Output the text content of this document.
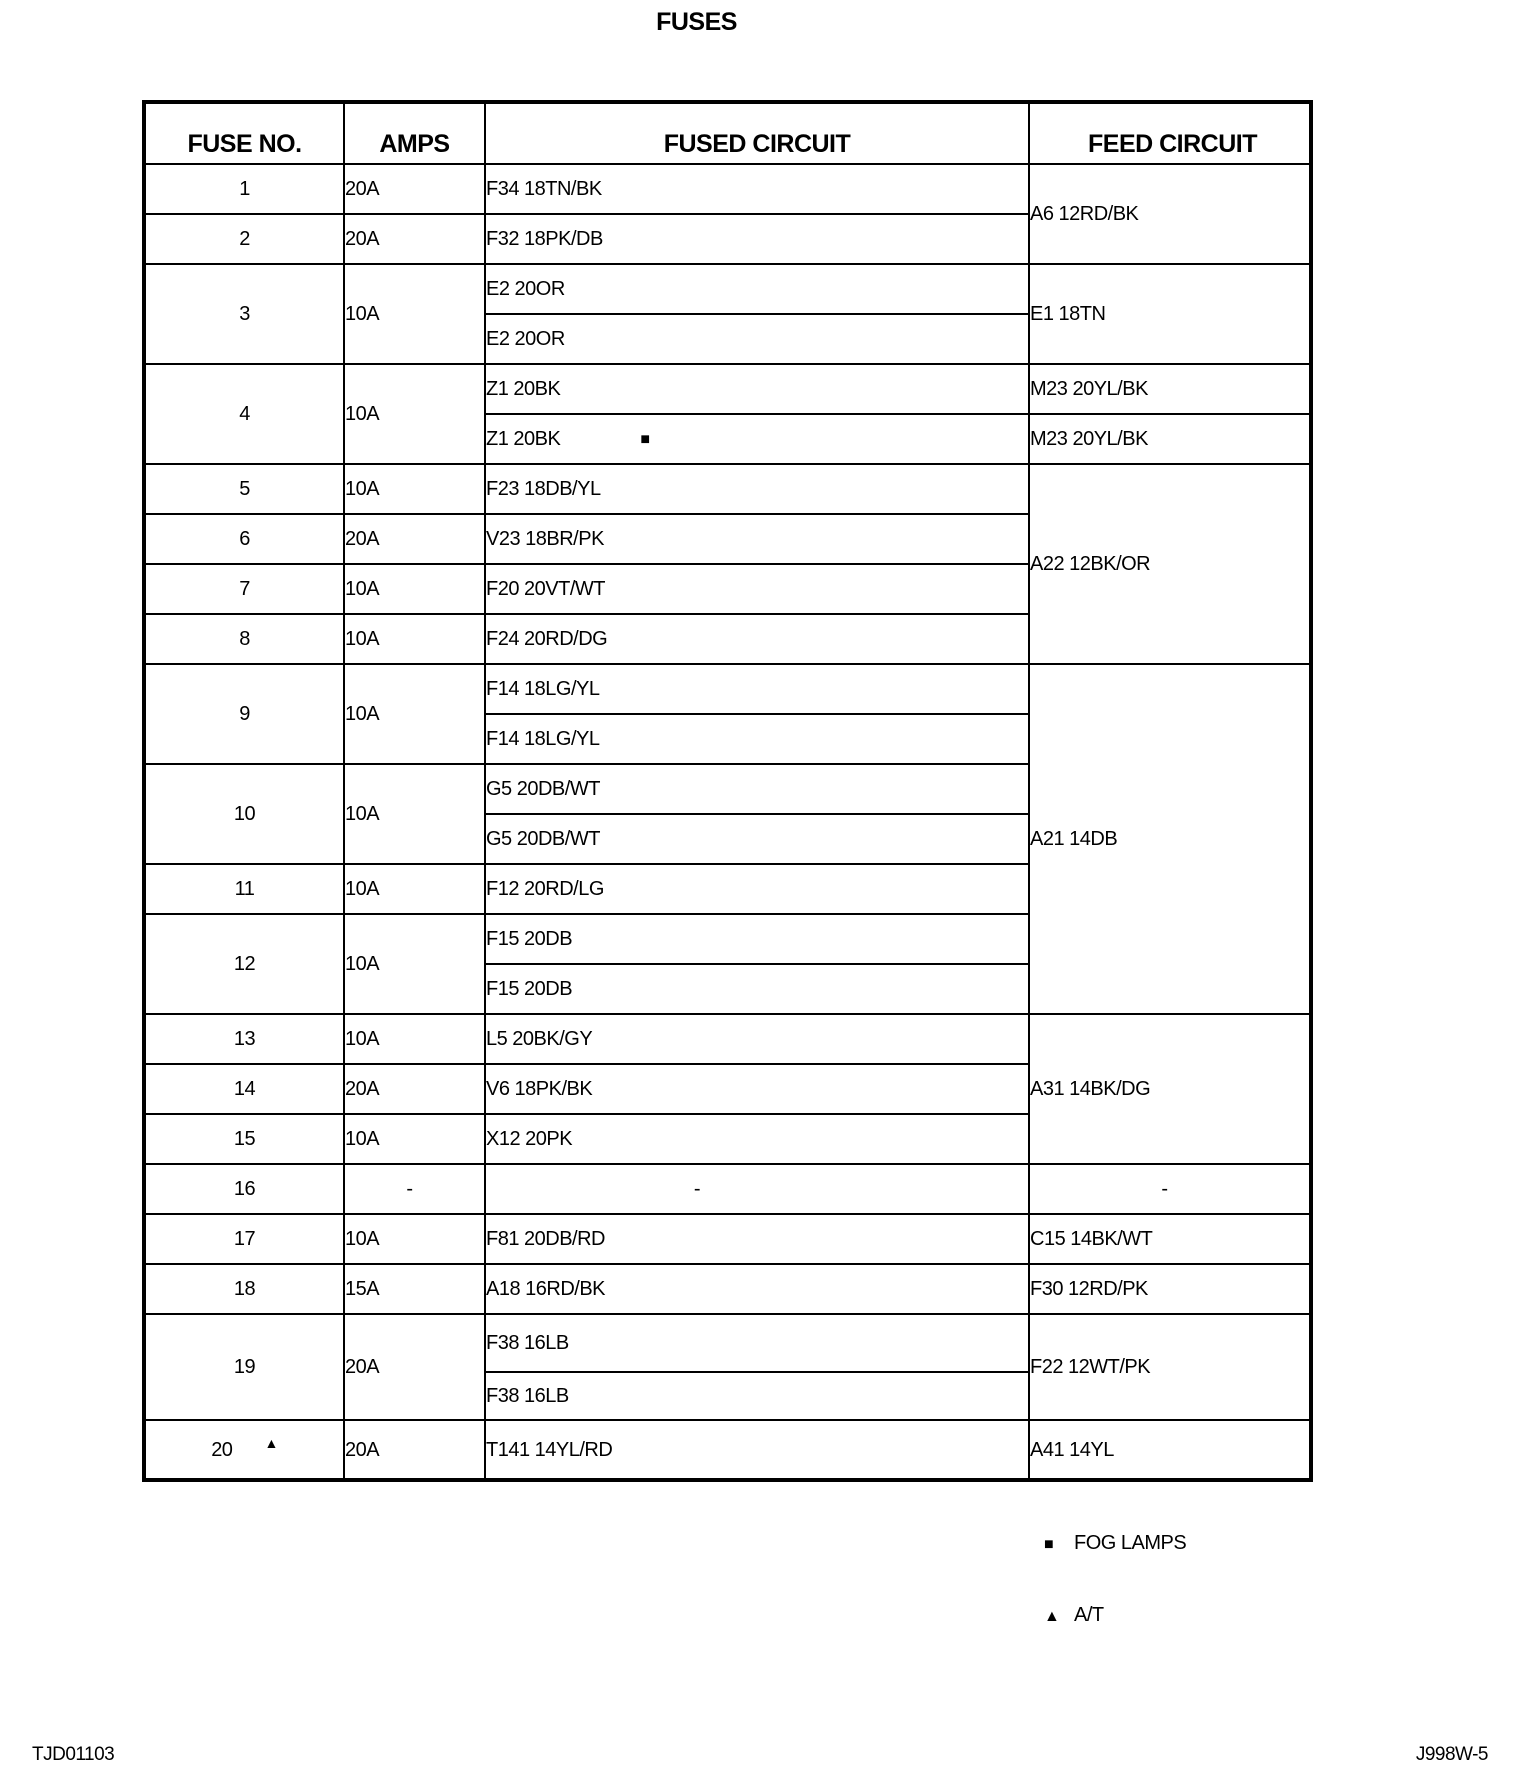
FUSES
FUSE NO.	AMPS	FUSED CIRCUIT	FEED CIRCUIT
1	20A	F34 18TN/BK	A6 12RD/BK
2	20A	F32 18PK/DB	
3	10A	E2 20OR	E1 18TN
		E2 20OR	
4	10A	Z1 20BK	M23 20YL/BK
		Z1 20BK ■	M23 20YL/BK
5	10A	F23 18DB/YL	A22 12BK/OR
6	20A	V23 18BR/PK	
7	10A	F20 20VT/WT	
8	10A	F24 20RD/DG	
9	10A	F14 18LG/YL	A21 14DB
		F14 18LG/YL	
10	10A	G5 20DB/WT	
		G5 20DB/WT	
11	10A	F12 20RD/LG	
12	10A	F15 20DB	
		F15 20DB	
13	10A	L5 20BK/GY	A31 14BK/DG
14	20A	V6 18PK/BK	
15	10A	X12 20PK	
16	-	-	-
17	10A	F81 20DB/RD	C15 14BK/WT
18	15A	A18 16RD/BK	F30 12RD/PK
19	20A	F38 16LB	F22 12WT/PK
		F38 16LB	
20 ▲	20A	T141 14YL/RD	A41 14YL
■ FOG LAMPS
▲ A/T
TJD01103	J998W-5
